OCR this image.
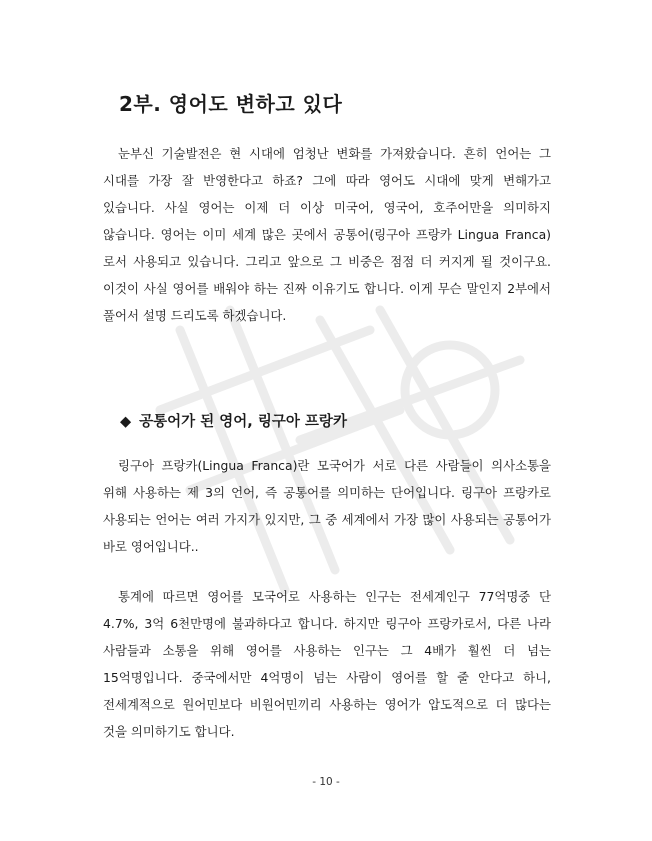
2부. 영어도 변하고 있다

눈부신 기술발전은 현 시대에 엄청난 변화를 가져왔습니다. 흔히 언어는 그 시대를 가장 잘 반영한다고 하죠? 그에 따라 영어도 시대에 맞게 변해가고 있습니다. 사실 영어는 이제 더 이상 미국어, 영국어, 호주어만을 의미하지 않습니다. 영어는 이미 세계 많은 곳에서 공통어(링구아 프랑카 Lingua Franca)로서 사용되고 있습니다. 그리고 앞으로 그 비중은 점점 더 커지게 될 것이구요. 이것이 사실 영어를 배워야 하는 진짜 이유기도 합니다. 이게 무슨 말인지 2부에서 풀어서 설명 드리도록 하겠습니다.

◆ 공통어가 된 영어, 링구아 프랑카

링구아 프랑카(Lingua Franca)란 모국어가 서로 다른 사람들이 의사소통을 위해 사용하는 제 3의 언어, 즉 공통어를 의미하는 단어입니다. 링구아 프랑카로 사용되는 언어는 여러 가지가 있지만, 그 중 세계에서 가장 많이 사용되는 공통어가 바로 영어입니다..

통계에 따르면 영어를 모국어로 사용하는 인구는 전세계인구 77억명중 단 4.7%, 3억 6천만명에 불과하다고 합니다. 하지만 링구아 프랑카로서, 다른 나라 사람들과 소통을 위해 영어를 사용하는 인구는 그 4배가 훨씬 더 넘는 15억명입니다. 중국에서만 4억명이 넘는 사람이 영어를 할 줄 안다고 하니, 전세계적으로 원어민보다 비원어민끼리 사용하는 영어가 압도적으로 더 많다는 것을 의미하기도 합니다.

- 10 -
